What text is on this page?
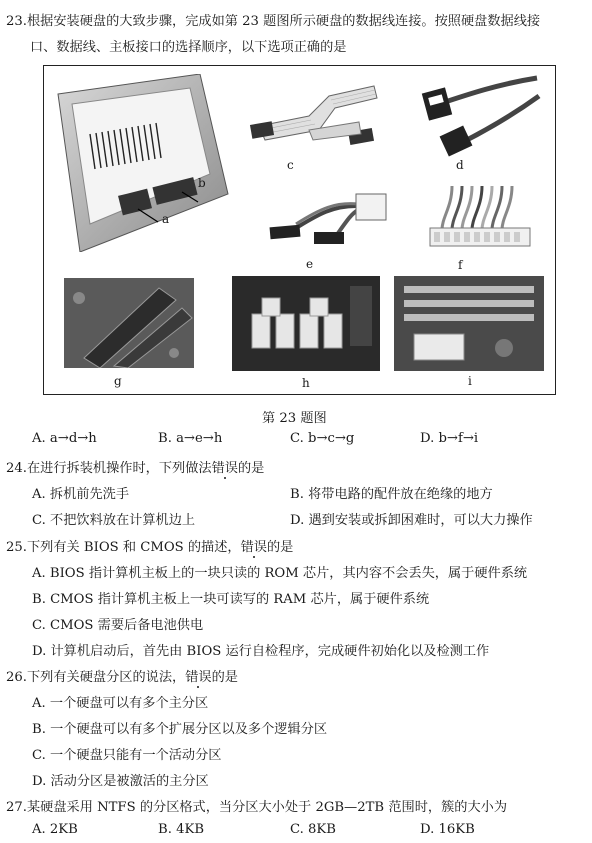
23.根据安装硬盘的大致步骤，完成如第 23 题图所示硬盘的数据线连接。按照硬盘数据线接
口、数据线、主板接口的选择顺序，以下选项正确的是
a
b
c	d
e	f
g	h	i
第 23 题图
A. a→d→h	B. a→e→h	C. b→c→g	D. b→f→i
24.在进行拆装机操作时，下列做法错误的是
A. 拆机前先洗手	B. 将带电路的配件放在绝缘的地方
C. 不把饮料放在计算机边上	D. 遇到安装或拆卸困难时，可以大力操作
25.下列有关 BIOS 和 CMOS 的描述，错误的是
A. BIOS 指计算机主板上的一块只读的 ROM 芯片，其内容不会丢失，属于硬件系统
B. CMOS 指计算机主板上一块可读写的 RAM 芯片，属于硬件系统
C. CMOS 需要后备电池供电
D. 计算机启动后，首先由 BIOS 运行自检程序，完成硬件初始化以及检测工作
26.下列有关硬盘分区的说法，错误的是
A. 一个硬盘可以有多个主分区
B. 一个硬盘可以有多个扩展分区以及多个逻辑分区
C. 一个硬盘只能有一个活动分区
D. 活动分区是被激活的主分区
27.某硬盘采用 NTFS 的分区格式，当分区大小处于 2GB—2TB 范围时，簇的大小为
A. 2KB	B. 4KB	C. 8KB	D. 16KB
